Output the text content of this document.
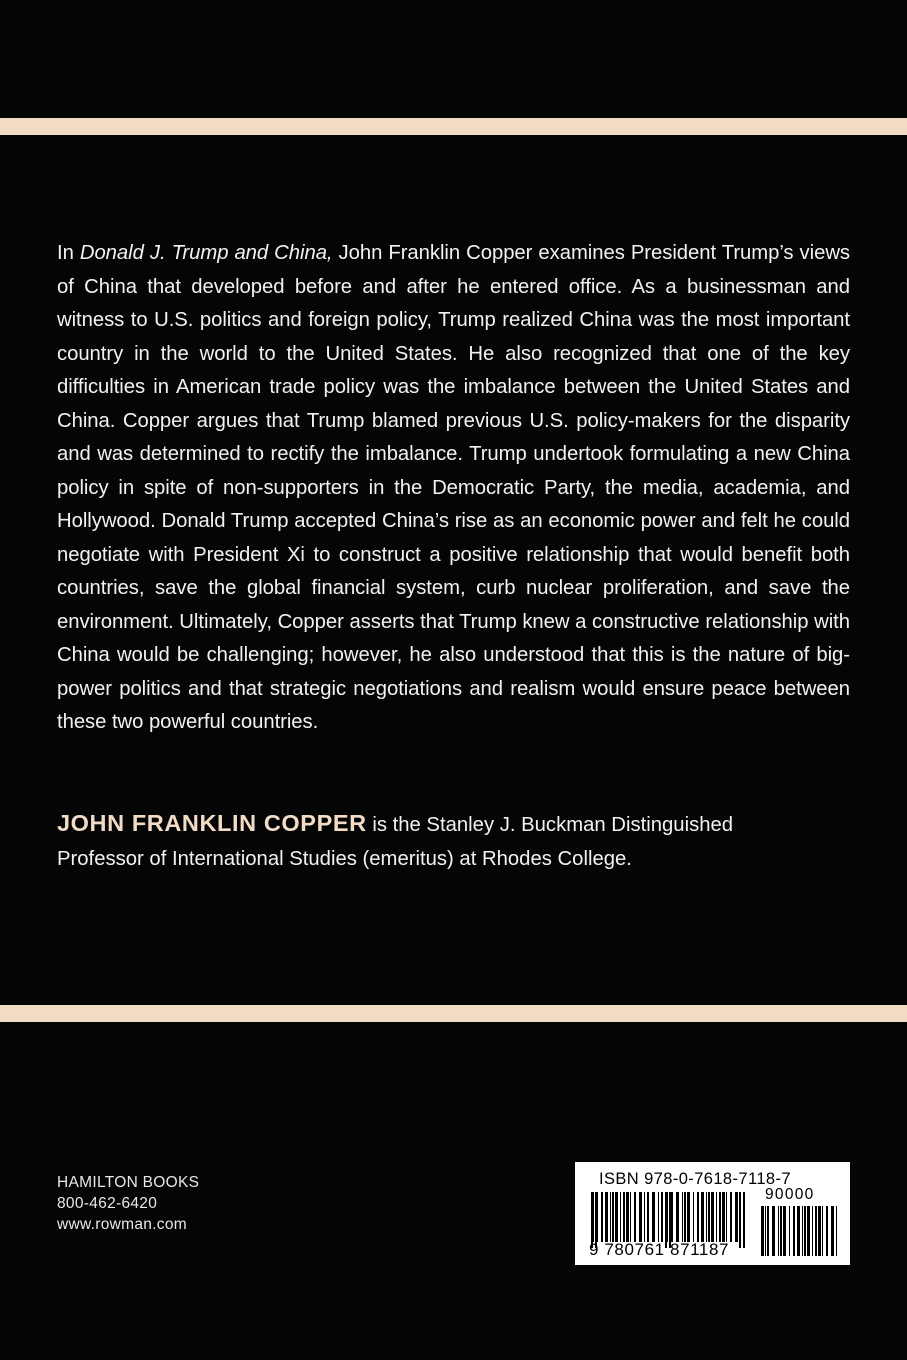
In Donald J. Trump and China, John Franklin Copper examines President Trump’s views of China that developed before and after he entered office. As a businessman and witness to U.S. politics and foreign policy, Trump realized China was the most important country in the world to the United States. He also recognized that one of the key difficulties in American trade policy was the imbalance between the United States and China. Copper argues that Trump blamed previous U.S. policy-makers for the disparity and was determined to rectify the imbalance. Trump undertook formulating a new China policy in spite of non-supporters in the Democratic Party, the media, academia, and Hollywood. Donald Trump accepted China’s rise as an economic power and felt he could negotiate with President Xi to construct a positive relationship that would benefit both countries, save the global financial system, curb nuclear proliferation, and save the environment. Ultimately, Copper asserts that Trump knew a constructive relationship with China would be challenging; however, he also understood that this is the nature of big-power politics and that strategic negotiations and realism would ensure peace between these two powerful countries.

JOHN FRANKLIN COPPER is the Stanley J. Buckman Distinguished
Professor of International Studies (emeritus) at Rhodes College.

HAMILTON BOOKS
800-462-6420
www.rowman.com
ISBN 978-0-7618-7118-7
90000
9 780761 871187
